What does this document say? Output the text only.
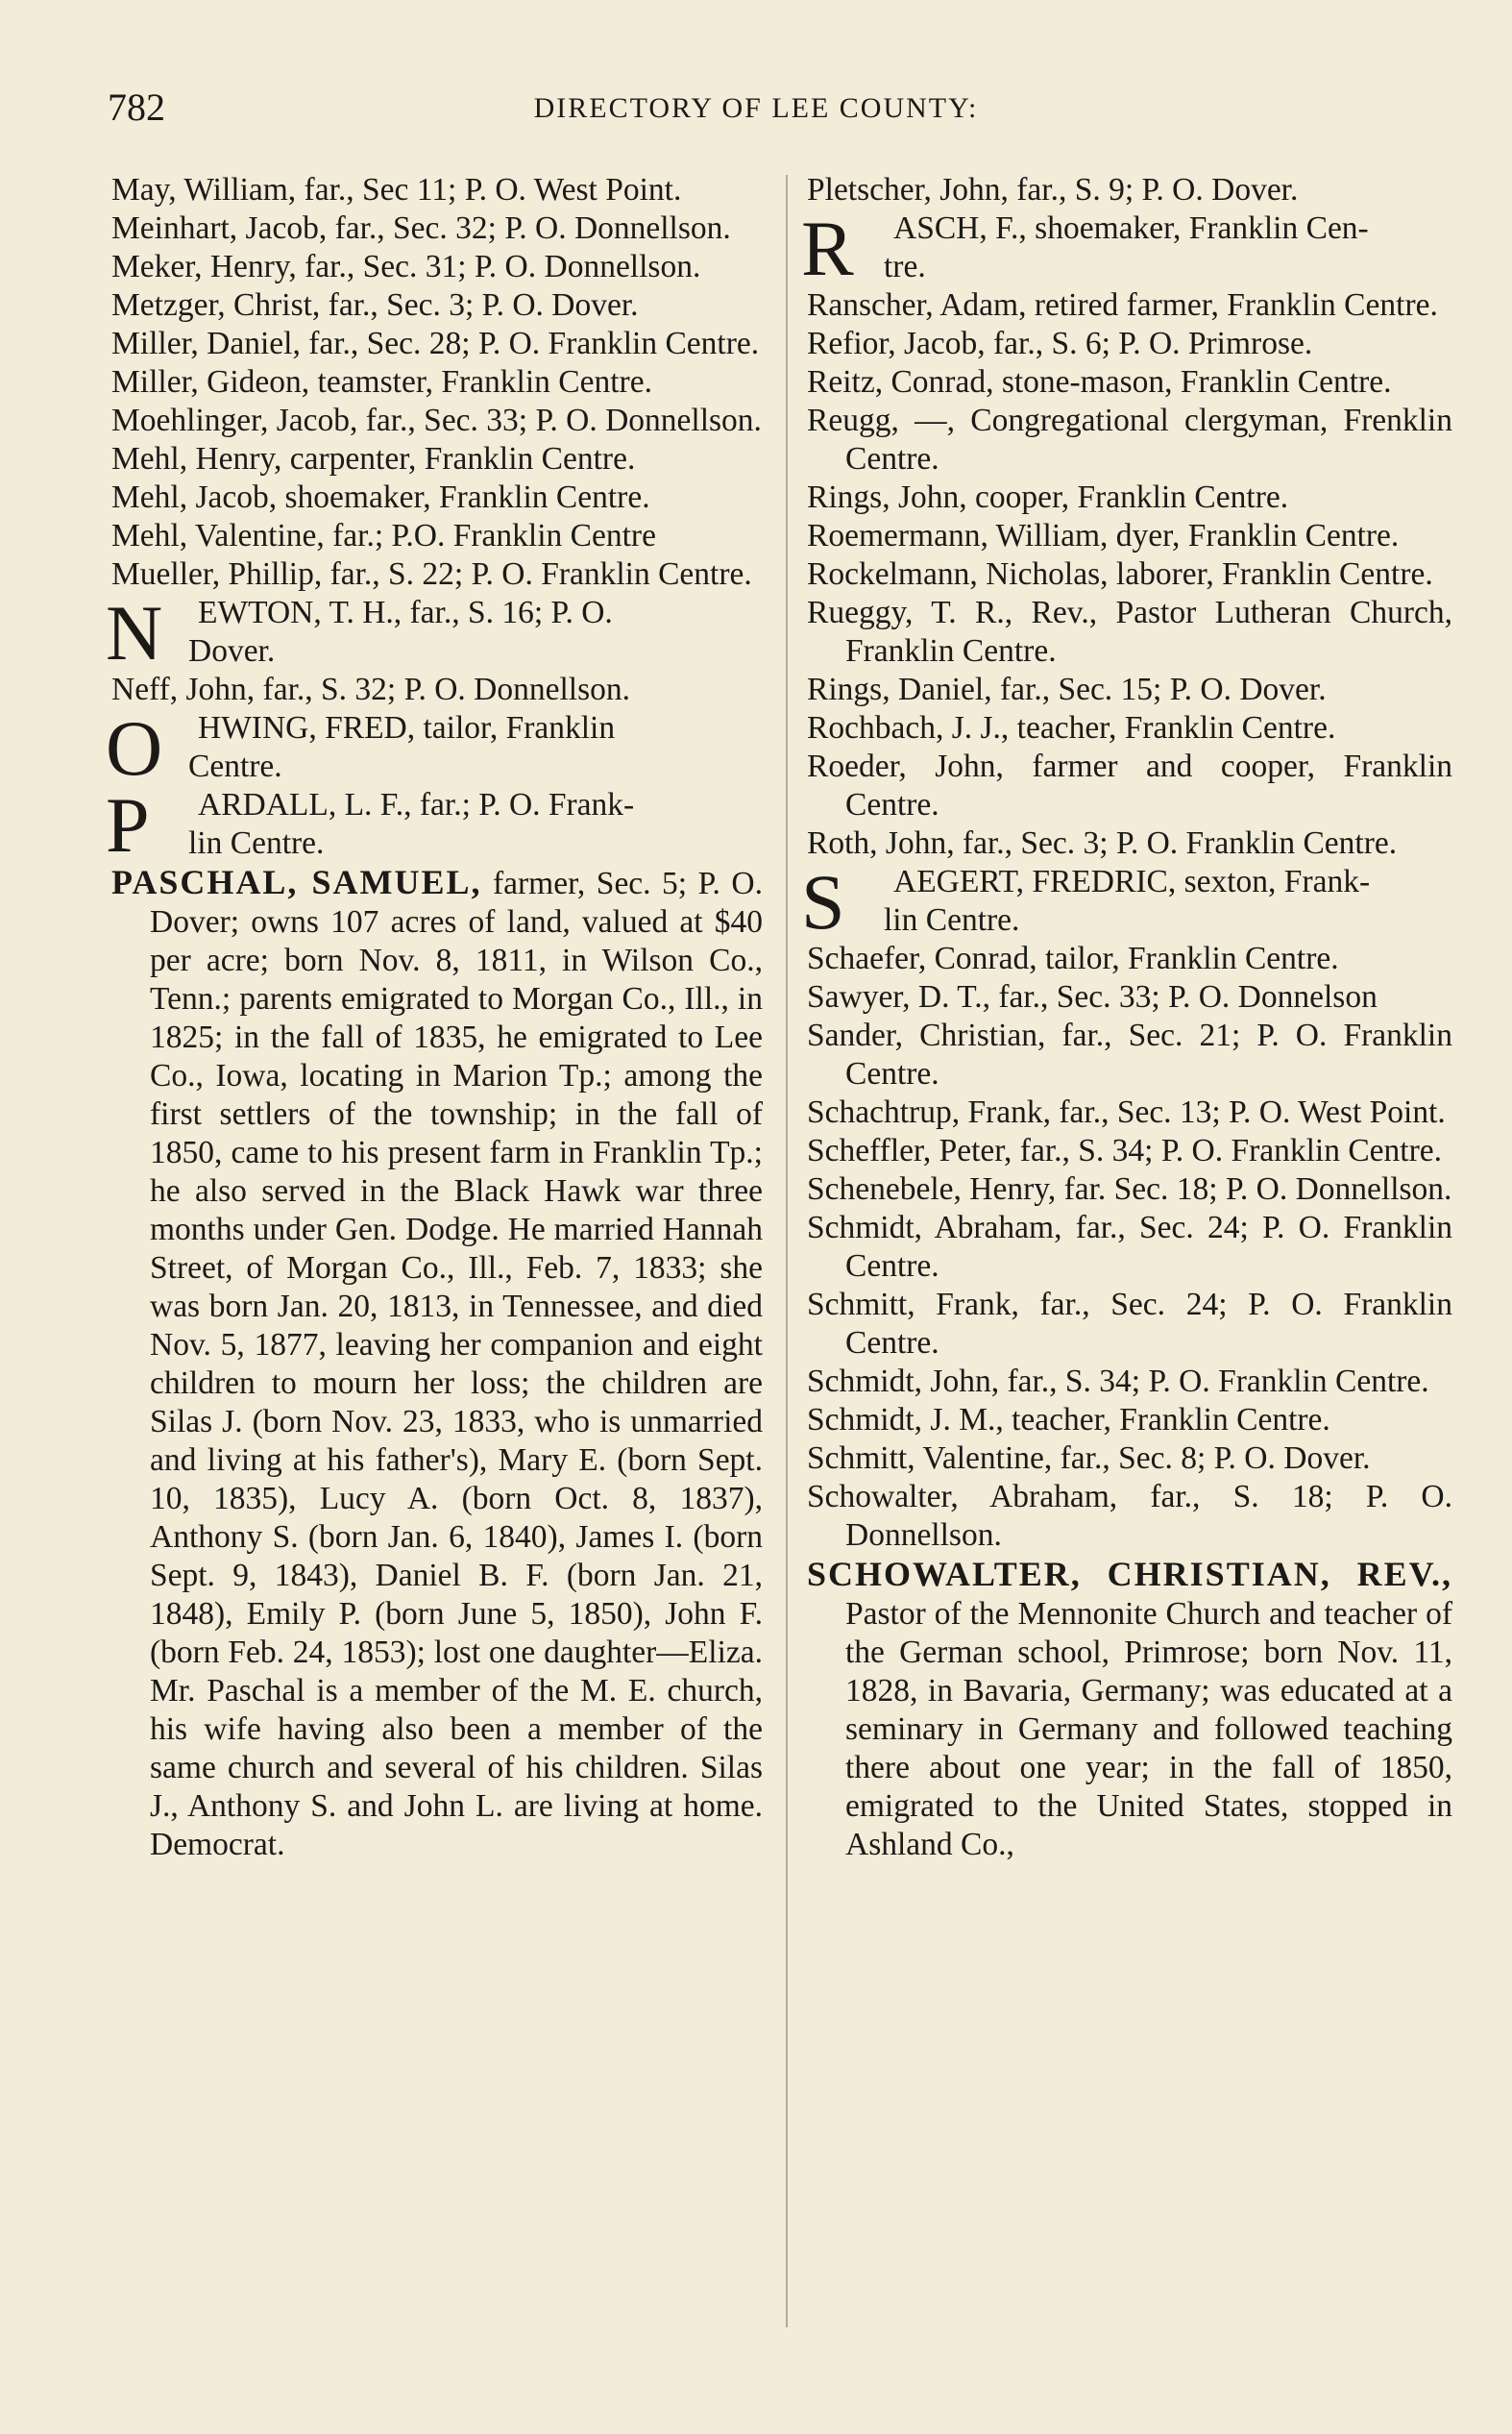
782	DIRECTORY OF LEE COUNTY:

May, William, far., Sec 11; P. O. West Point.

Meinhart, Jacob, far., Sec. 32; P. O. Donnellson.

Meker, Henry, far., Sec. 31; P. O. Donnellson.

Metzger, Christ, far., Sec. 3; P. O. Dover.

Miller, Daniel, far., Sec. 28; P. O. Franklin Centre.

Miller, Gideon, teamster, Franklin Centre.

Moehlinger, Jacob, far., Sec. 33; P. O. Donnellson.

Mehl, Henry, carpenter, Franklin Centre.

Mehl, Jacob, shoemaker, Franklin Centre.

Mehl, Valentine, far.; P.O. Franklin Centre

Mueller, Phillip, far., S. 22; P. O. Franklin Centre.

N	EWTON, T. H., far., S. 16; P. O.
Dover.

Neff, John, far., S. 32; P. O. Donnellson.

O	HWING, FRED, tailor, Franklin
Centre.
P	ARDALL, L. F., far.; P. O. Frank-
lin Centre.

PASCHAL, SAMUEL, farmer, Sec. 5; P. O. Dover; owns 107 acres of land, valued at $40 per acre; born Nov. 8, 1811, in Wilson Co., Tenn.; parents emigrated to Morgan Co., Ill., in 1825; in the fall of 1835, he emigrated to Lee Co., Iowa, locating in Marion Tp.; among the first settlers of the township; in the fall of 1850, came to his present farm in Franklin Tp.; he also served in the Black Hawk war three months under Gen. Dodge. He married Hannah Street, of Morgan Co., Ill., Feb. 7, 1833; she was born Jan. 20, 1813, in Tennessee, and died Nov. 5, 1877, leaving her companion and eight children to mourn her loss; the children are Silas J. (born Nov. 23, 1833, who is unmarried and living at his father's), Mary E. (born Sept. 10, 1835), Lucy A. (born Oct. 8, 1837), Anthony S. (born Jan. 6, 1840), James I. (born Sept. 9, 1843), Daniel B. F. (born Jan. 21, 1848), Emily P. (born June 5, 1850), John F. (born Feb. 24, 1853); lost one daughter—Eliza. Mr. Paschal is a member of the M. E. church, his wife having also been a member of the same church and several of his children. Silas J., Anthony S. and John L. are living at home. Democrat.

Pletscher, John, far., S. 9; P. O. Dover.

R	ASCH, F., shoemaker, Franklin Cen-
tre.

Ranscher, Adam, retired farmer, Franklin Centre.

Refior, Jacob, far., S. 6; P. O. Primrose.

Reitz, Conrad, stone-mason, Franklin Centre.

Reugg, —, Congregational clergyman, Frenklin Centre.

Rings, John, cooper, Franklin Centre.

Roemermann, William, dyer, Franklin Centre.

Rockelmann, Nicholas, laborer, Franklin Centre.

Rueggy, T. R., Rev., Pastor Lutheran Church, Franklin Centre.

Rings, Daniel, far., Sec. 15; P. O. Dover.

Rochbach, J. J., teacher, Franklin Centre.

Roeder, John, farmer and cooper, Franklin Centre.

Roth, John, far., Sec. 3; P. O. Franklin Centre.

S	AEGERT, FREDRIC, sexton, Frank-
lin Centre.

Schaefer, Conrad, tailor, Franklin Centre.

Sawyer, D. T., far., Sec. 33; P. O. Donnelson

Sander, Christian, far., Sec. 21; P. O. Franklin Centre.

Schachtrup, Frank, far., Sec. 13; P. O. West Point.

Scheffler, Peter, far., S. 34; P. O. Franklin Centre.

Schenebele, Henry, far. Sec. 18; P. O. Donnellson.

Schmidt, Abraham, far., Sec. 24; P. O. Franklin Centre.

Schmitt, Frank, far., Sec. 24; P. O. Franklin Centre.

Schmidt, John, far., S. 34; P. O. Franklin Centre.

Schmidt, J. M., teacher, Franklin Centre.

Schmitt, Valentine, far., Sec. 8; P. O. Dover.

Schowalter, Abraham, far., S. 18; P. O. Donnellson.

SCHOWALTER, CHRISTIAN, REV., Pastor of the Mennonite Church and teacher of the German school, Primrose; born Nov. 11, 1828, in Bavaria, Germany; was educated at a seminary in Germany and followed teaching there about one year; in the fall of 1850, emigrated to the United States, stopped in Ashland Co.,
